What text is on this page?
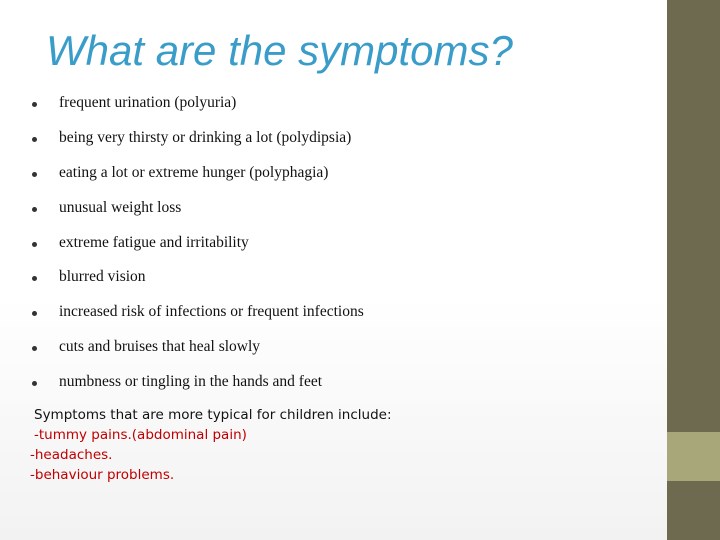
What are the symptoms?
frequent urination (polyuria)
being very thirsty or drinking a lot (polydipsia)
eating a lot or extreme hunger (polyphagia)
unusual weight loss
extreme fatigue and irritability
blurred vision
increased risk of infections or frequent infections
cuts and bruises that heal slowly
numbness or tingling in the hands and feet
Symptoms that are more typical for children include:
-tummy pains.(abdominal pain)
-headaches.
-behaviour problems.
